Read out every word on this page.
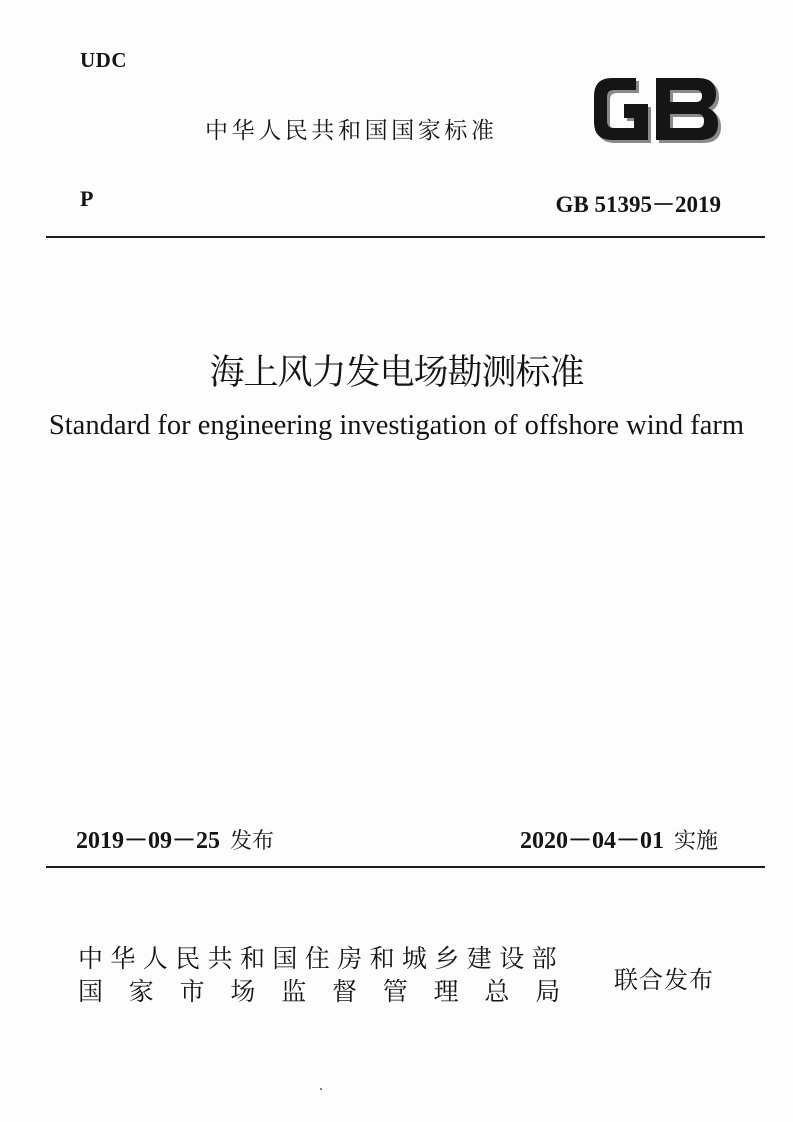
UDC
中华人民共和国国家标准
GB
P	GB 51395－2019
海上风力发电场勘测标准
Standard for engineering investigation of offshore wind farm
2019－09－25 发布	2020－04－01 实施
中华人民共和国住房和城乡建设部
国家市场监督管理总局 联合发布
